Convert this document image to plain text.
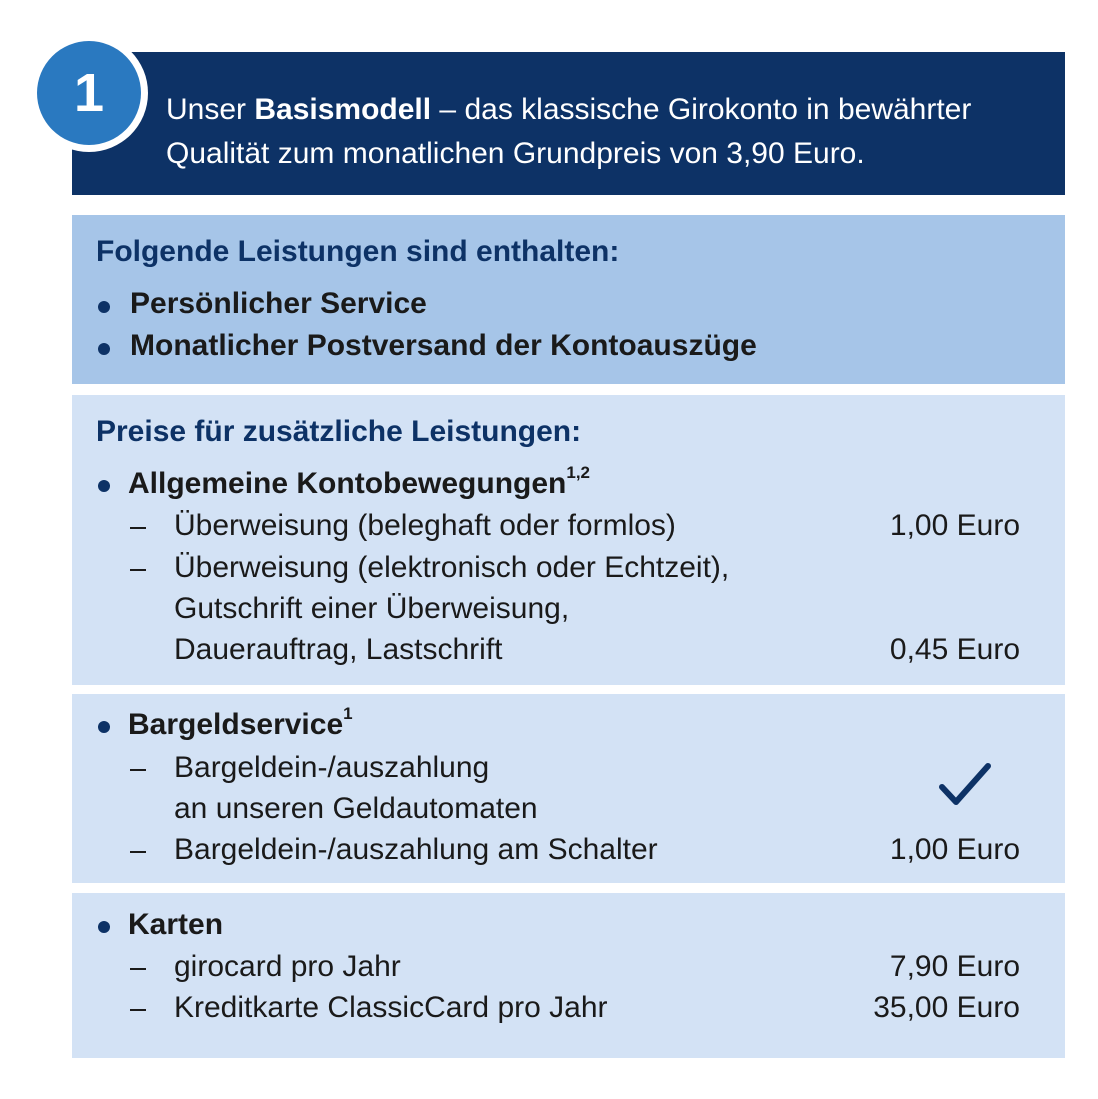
Unser Basismodell – das klassische Girokonto in bewährter
Qualität zum monatlichen Grundpreis von 3,90 Euro.
1
Folgende Leistungen sind enthalten:
Persönlicher Service
Monatlicher Postversand der Kontoauszüge
Preise für zusätzliche Leistungen:
Allgemeine Kontobewegungen$^{1,2}$
Überweisung (beleghaft oder formlos)	1,00 Euro
Überweisung (elektronisch oder Echtzeit),
Gutschrift einer Überweisung,
Dauerauftrag, Lastschrift	0,45 Euro
Bargeldservice$^1$
Bargeldein-/auszahlung
an unseren Geldautomaten
Bargeldein-/auszahlung am Schalter	1,00 Euro
Karten
girocard pro Jahr	7,90 Euro
Kreditkarte ClassicCard pro Jahr	35,00 Euro
